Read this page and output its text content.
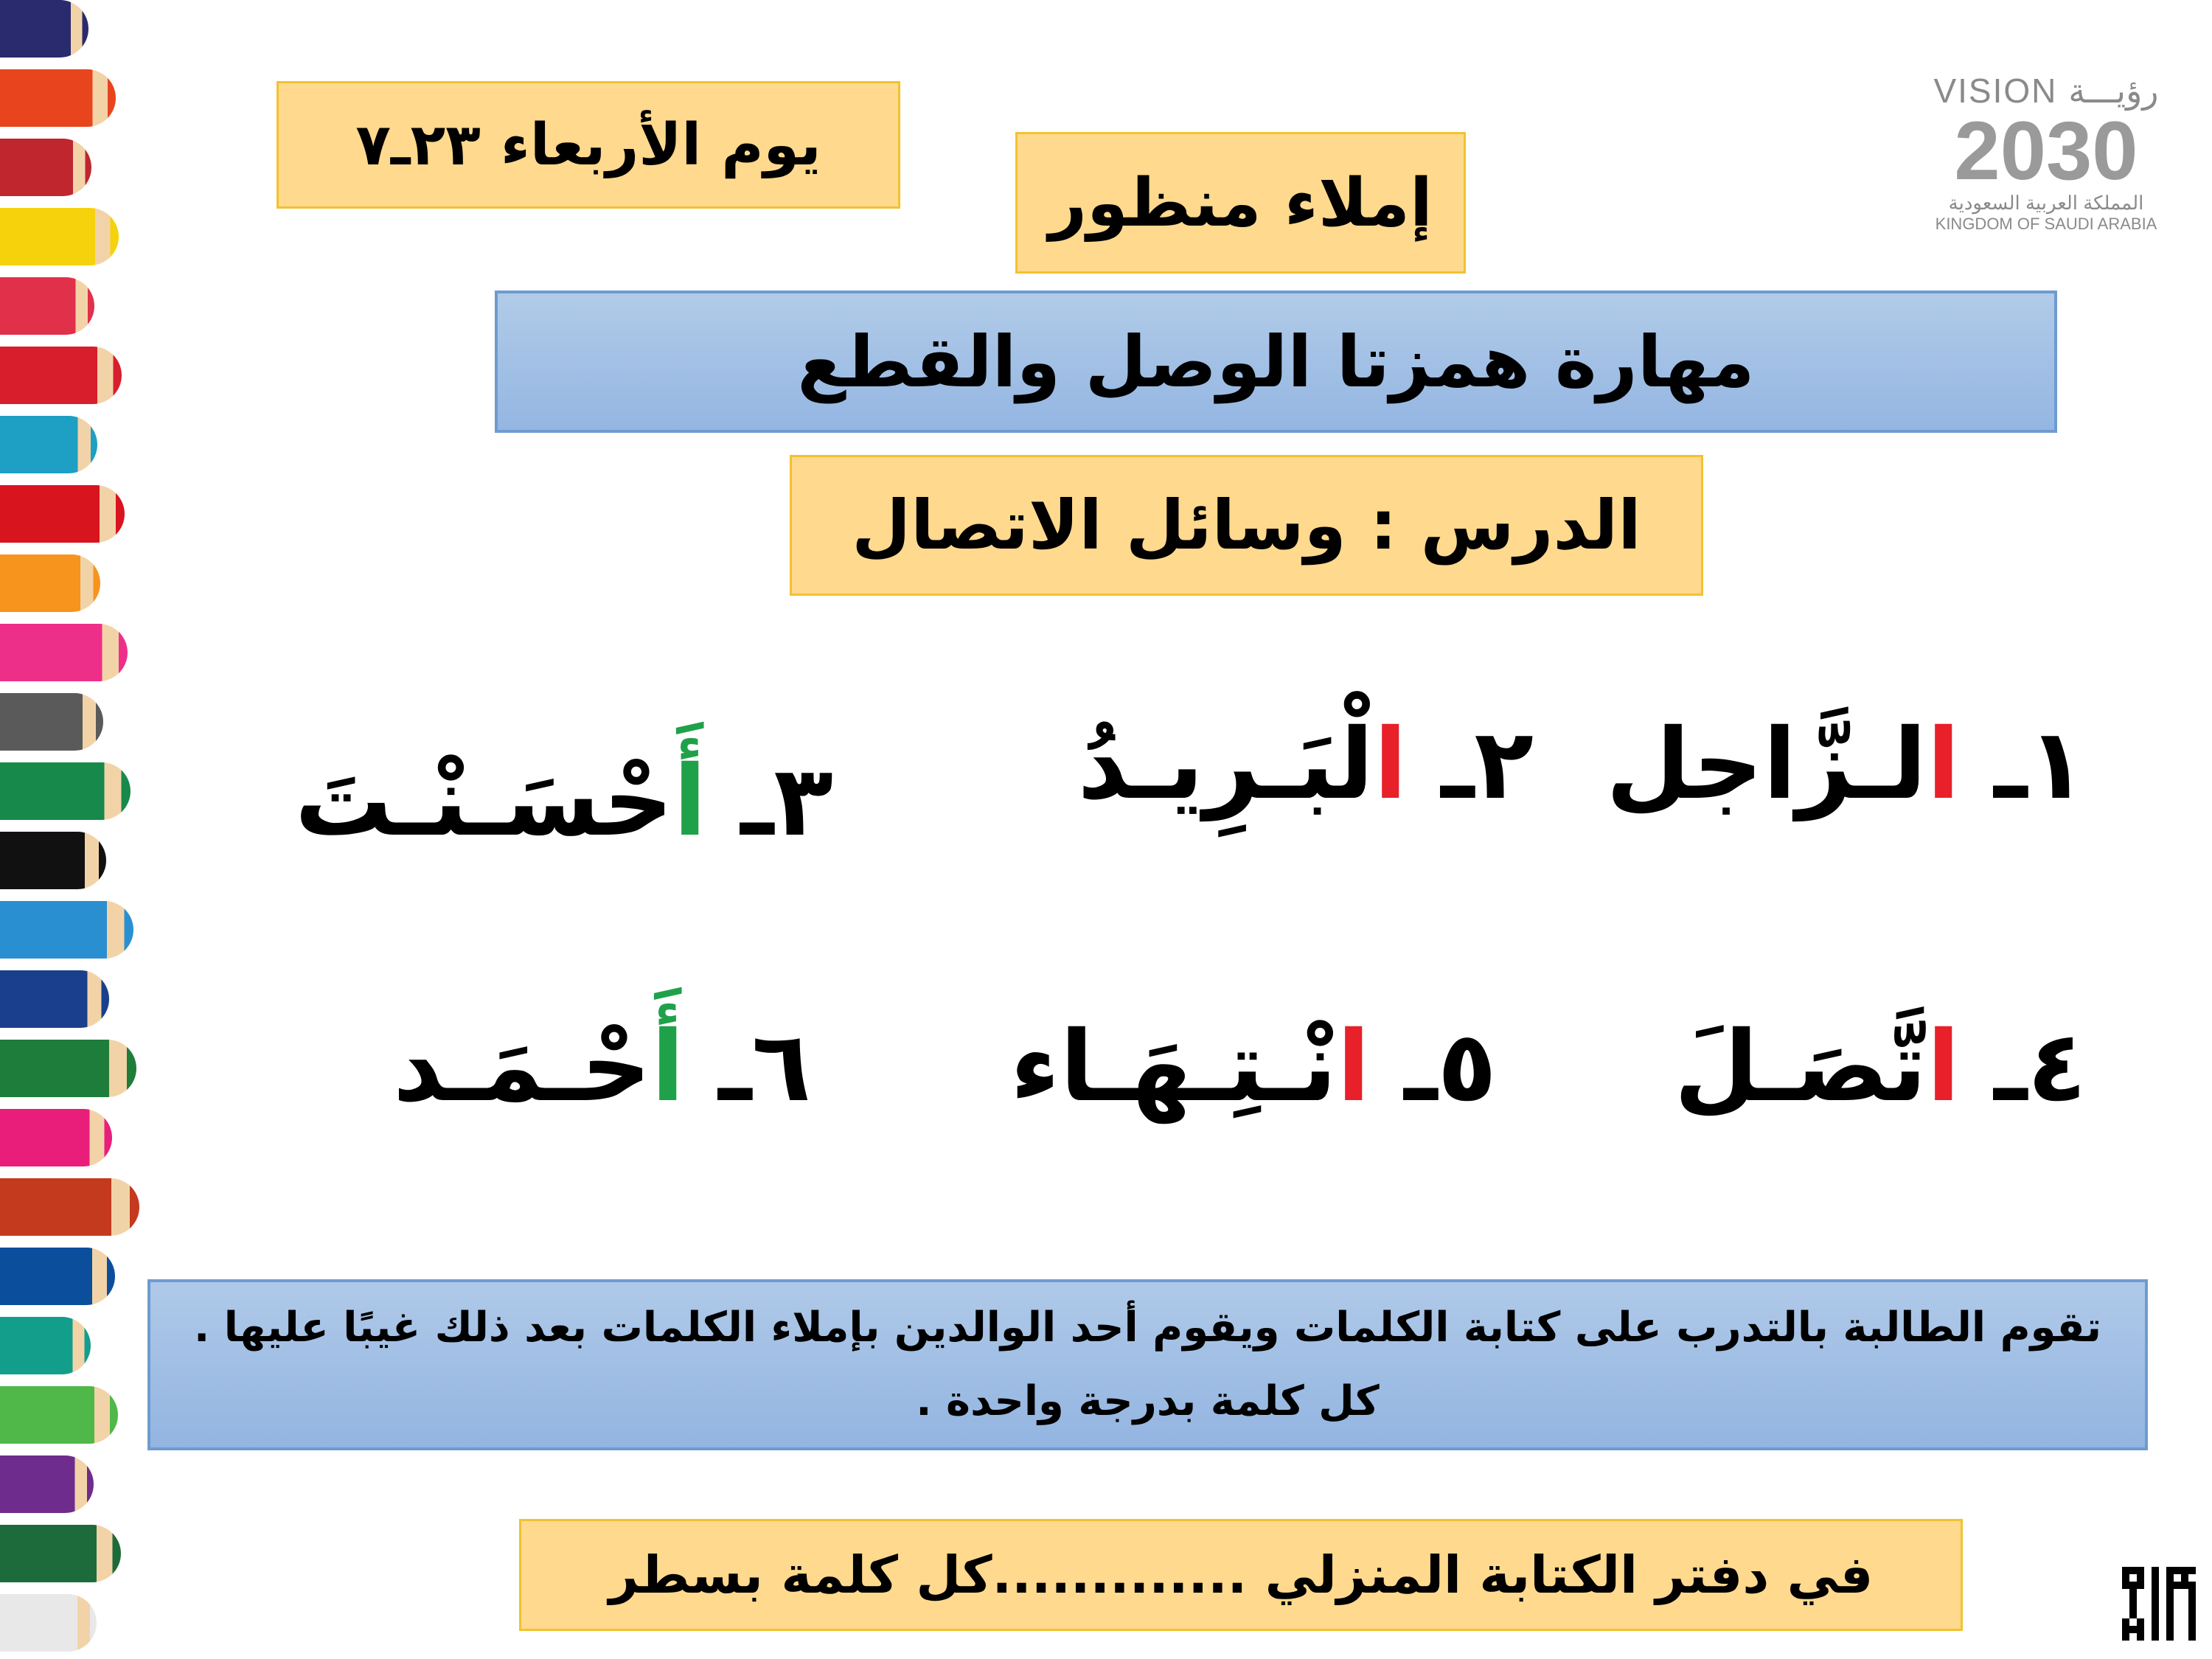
يوم الأربعاء ٢٣ـ٧
إملاء منظور
مهارة همزتا الوصل والقطع
الدرس : وسائل الاتصال
VISION رؤيـــة
2030
المملكة العربية السعودية
KINGDOM OF SAUDI ARABIA
١ـ الـزَّاجل
٢ـ الْبَـرِيـدُ
٣ـ أَحْسَـنْـتَ
٤ـ اتَّصَـلَ
٥ـ انْـتِـهَـاء
٦ـ أَحْـمَـد
تقوم الطالبة بالتدرب على كتابة الكلمات ويقوم أحد الوالدين بإملاء الكلمات بعد ذلك غيبًا عليها .
كل كلمة بدرجة واحدة .
في دفتر الكتابة المنزلي .............كل كلمة بسطر
